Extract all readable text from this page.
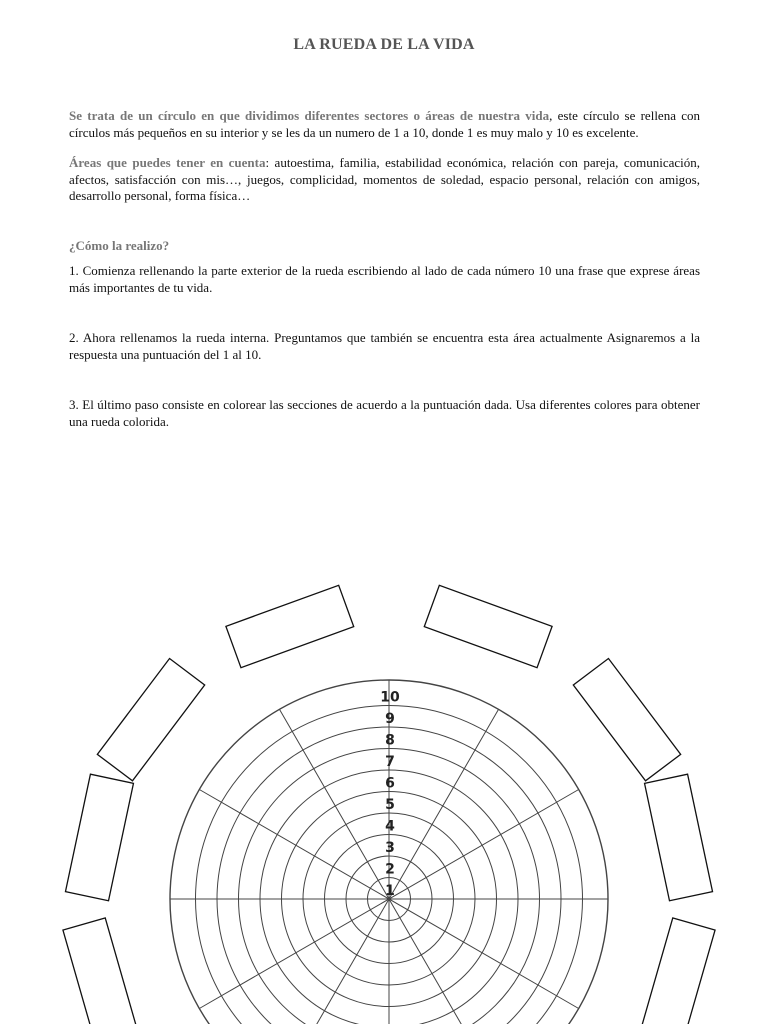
LA RUEDA DE LA VIDA

Se trata de un círculo en que dividimos diferentes sectores o áreas de nuestra vida, este círculo se rellena con círculos más pequeños en su interior y se les da un numero de 1 a 10, donde 1 es muy malo y 10 es excelente.

Áreas que puedes tener en cuenta: autoestima, familia, estabilidad económica, relación con pareja, comunicación, afectos, satisfacción con mis…, juegos, complicidad, momentos de soledad, espacio personal, relación con amigos, desarrollo personal, forma física…

¿Cómo la realizo?

1. Comienza rellenando la parte exterior de la rueda escribiendo al lado de cada número 10 una frase que exprese áreas más importantes de tu vida.

2. Ahora rellenamos la rueda interna. Preguntamos que también se encuentra esta área actualmente Asignaremos a la respuesta una puntuación del 1 al 10.

3. El último paso consiste en colorear las secciones de acuerdo a la puntuación dada. Usa diferentes colores para obtener una rueda colorida.

1
2
3
4
5
6
7
8
9
10
